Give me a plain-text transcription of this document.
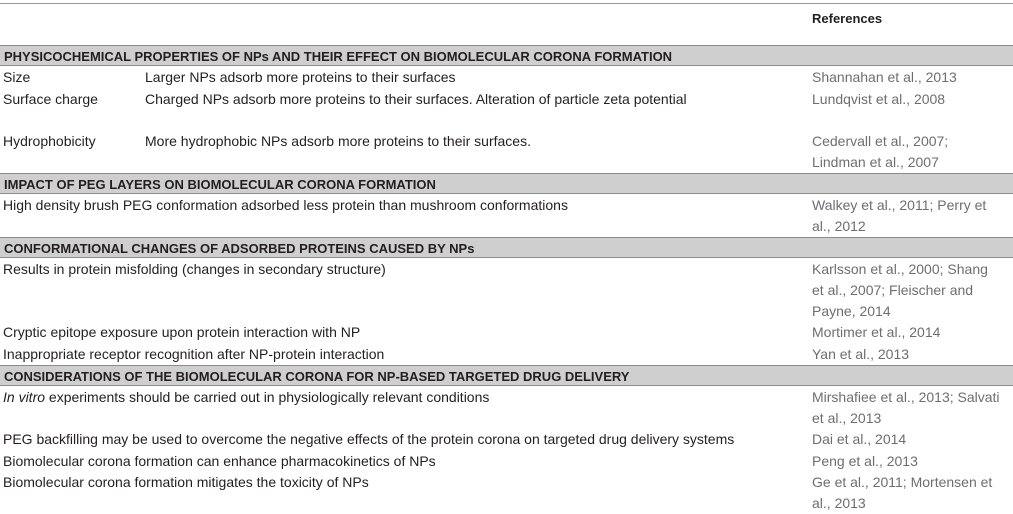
References
PHYSICOCHEMICAL PROPERTIES OF NPs AND THEIR EFFECT ON BIOMOLECULAR CORONA FORMATION
Size	Larger NPs adsorb more proteins to their surfaces	Shannahan et al., 2013
Surface charge	Charged NPs adsorb more proteins to their surfaces. Alteration of particle zeta potential	Lundqvist et al., 2008
Hydrophobicity	More hydrophobic NPs adsorb more proteins to their surfaces.	Cedervall et al., 2007; Lindman et al., 2007
IMPACT OF PEG LAYERS ON BIOMOLECULAR CORONA FORMATION
High density brush PEG conformation adsorbed less protein than mushroom conformations	Walkey et al., 2011; Perry et al., 2012
CONFORMATIONAL CHANGES OF ADSORBED PROTEINS CAUSED BY NPs
Results in protein misfolding (changes in secondary structure)	Karlsson et al., 2000; Shang et al., 2007; Fleischer and Payne, 2014
Cryptic epitope exposure upon protein interaction with NP	Mortimer et al., 2014
Inappropriate receptor recognition after NP-protein interaction	Yan et al., 2013
CONSIDERATIONS OF THE BIOMOLECULAR CORONA FOR NP-BASED TARGETED DRUG DELIVERY
In vitro experiments should be carried out in physiologically relevant conditions	Mirshafiee et al., 2013; Salvati et al., 2013
PEG backfilling may be used to overcome the negative effects of the protein corona on targeted drug delivery systems	Dai et al., 2014
Biomolecular corona formation can enhance pharmacokinetics of NPs	Peng et al., 2013
Biomolecular corona formation mitigates the toxicity of NPs	Ge et al., 2011; Mortensen et al., 2013
